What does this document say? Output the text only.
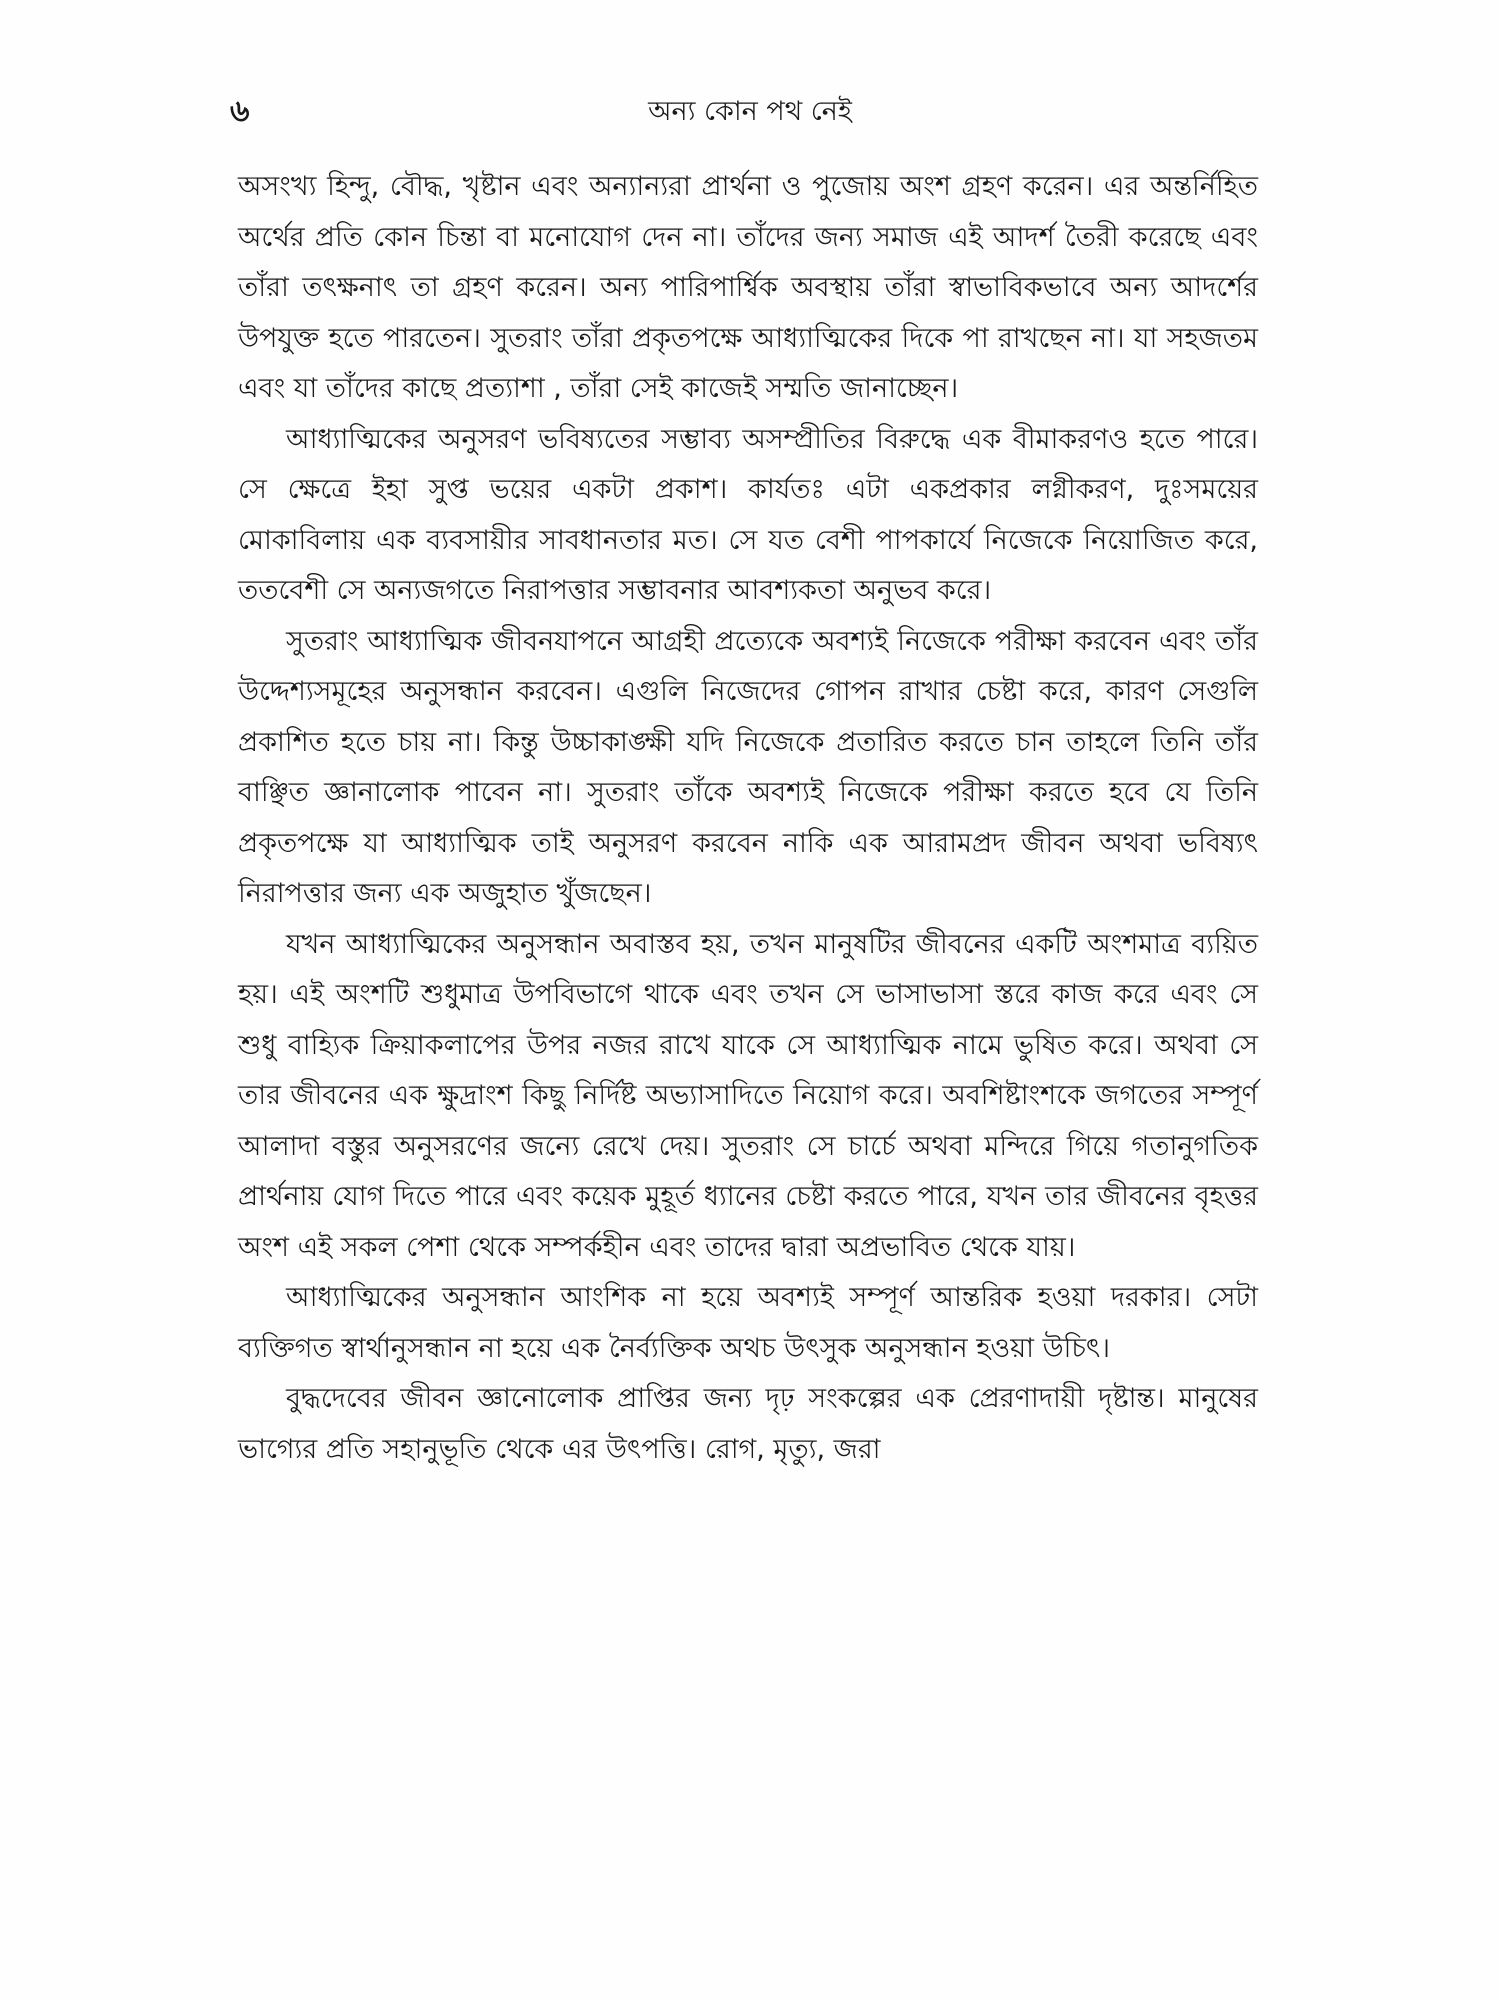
৬	অন্য কোন পথ নেই

অসংখ্য হিন্দু, বৌদ্ধ, খৃষ্টান এবং অন্যান্যরা প্রার্থনা ও পুজোয় অংশ গ্রহণ করেন। এর অন্তর্নিহিত অর্থের প্রতি কোন চিন্তা বা মনোযোগ দেন না। তাঁদের জন্য সমাজ এই আদর্শ তৈরী করেছে এবং তাঁরা তৎক্ষনাৎ তা গ্রহণ করেন। অন্য পারিপার্শ্বিক অবস্থায় তাঁরা স্বাভাবিকভাবে অন্য আদর্শের উপযুক্ত হতে পারতেন। সুতরাং তাঁরা প্রকৃতপক্ষে আধ্যাত্মিকের দিকে পা রাখছেন না। যা সহজতম এবং যা তাঁদের কাছে প্রত্যাশা , তাঁরা সেই কাজেই সম্মতি জানাচ্ছেন।

আধ্যাত্মিকের অনুসরণ ভবিষ্যতের সম্ভাব্য অসম্প্রীতির বিরুদ্ধে এক বীমাকরণও হতে পারে। সে ক্ষেত্রে ইহা সুপ্ত ভয়ের একটা প্রকাশ। কার্যতঃ এটা একপ্রকার লগ্নীকরণ, দুঃসময়ের মোকাবিলায় এক ব্যবসায়ীর সাবধানতার মত। সে যত বেশী পাপকার্যে নিজেকে নিয়োজিত করে, ততবেশী সে অন্যজগতে নিরাপত্তার সম্ভাবনার আবশ্যকতা অনুভব করে।

সুতরাং আধ্যাত্মিক জীবনযাপনে আগ্রহী প্রত্যেকে অবশ্যই নিজেকে পরীক্ষা করবেন এবং তাঁর উদ্দেশ্যসমূহের অনুসন্ধান করবেন। এগুলি নিজেদের গোপন রাখার চেষ্টা করে, কারণ সেগুলি প্রকাশিত হতে চায় না। কিন্তু উচ্চাকাঙ্ক্ষী যদি নিজেকে প্রতারিত করতে চান তাহলে তিনি তাঁর বাঞ্ছিত জ্ঞানালোক পাবেন না। সুতরাং তাঁকে অবশ্যই নিজেকে পরীক্ষা করতে হবে যে তিনি প্রকৃতপক্ষে যা আধ্যাত্মিক তাই অনুসরণ করবেন নাকি এক আরামপ্রদ জীবন অথবা ভবিষ্যৎ নিরাপত্তার জন্য এক অজুহাত খুঁজছেন।

যখন আধ্যাত্মিকের অনুসন্ধান অবাস্তব হয়, তখন মানুষটির জীবনের একটি অংশমাত্র ব্যয়িত হয়। এই অংশটি শুধুমাত্র উপবিভাগে থাকে এবং তখন সে ভাসাভাসা স্তরে কাজ করে এবং সে শুধু বাহ্যিক ক্রিয়াকলাপের উপর নজর রাখে যাকে সে আধ্যাত্মিক নামে ভুষিত করে। অথবা সে তার জীবনের এক ক্ষুদ্রাংশ কিছু নির্দিষ্ট অভ্যাসাদিতে নিয়োগ করে। অবশিষ্টাংশকে জগতের সম্পূর্ণ আলাদা বস্তুর অনুসরণের জন্যে রেখে দেয়। সুতরাং সে চার্চে অথবা মন্দিরে গিয়ে গতানুগতিক প্রার্থনায় যোগ দিতে পারে এবং কয়েক মুহূর্ত ধ্যানের চেষ্টা করতে পারে, যখন তার জীবনের বৃহত্তর অংশ এই সকল পেশা থেকে সম্পর্কহীন এবং তাদের দ্বারা অপ্রভাবিত থেকে যায়।

আধ্যাত্মিকের অনুসন্ধান আংশিক না হয়ে অবশ্যই সম্পূর্ণ আন্তরিক হওয়া দরকার। সেটা ব্যক্তিগত স্বার্থানুসন্ধান না হয়ে এক নৈর্ব্যক্তিক অথচ উৎসুক অনুসন্ধান হওয়া উচিৎ।

বুদ্ধদেবের জীবন জ্ঞানোলোক প্রাপ্তির জন্য দৃঢ় সংকল্পের এক প্রেরণাদায়ী দৃষ্টান্ত। মানুষের ভাগ্যের প্রতি সহানুভূতি থেকে এর উৎপত্তি। রোগ, মৃত্যু, জরা
